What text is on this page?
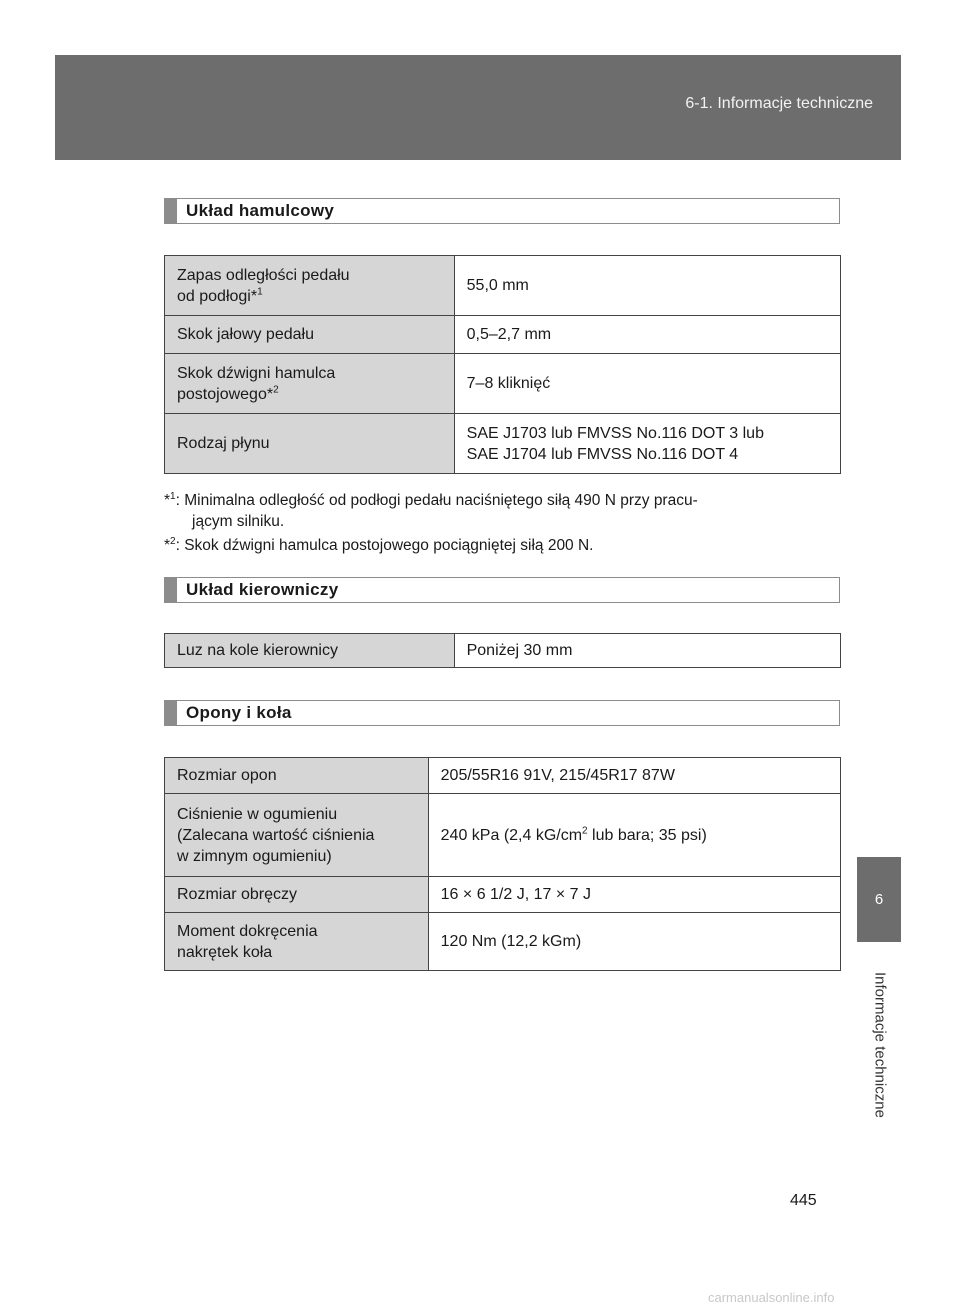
6-1. Informacje techniczne
6
Informacje techniczne
Układ hamulcowy
Zapas odległości pedału
od podłogi*$^1$	55,0 mm
Skok jałowy pedału	0,5–2,7 mm
Skok dźwigni hamulca
postojowego*$^2$	7–8 kliknięć
Rodzaj płynu	SAE J1703 lub FMVSS No.116 DOT 3 lub
SAE J1704 lub FMVSS No.116 DOT 4
*$^1$: Minimalna odległość od podłogi pedału naciśniętego siłą 490 N przy pracu-
jącym silniku.
*$^2$: Skok dźwigni hamulca postojowego pociągniętej siłą 200 N.
Układ kierowniczy
Luz na kole kierownicy	Poniżej 30 mm
Opony i koła
Rozmiar opon	205/55R16 91V, 215/45R17 87W
Ciśnienie w ogumieniu
(Zalecana wartość ciśnienia
w zimnym ogumieniu)	240 kPa (2,4 $kG/cm^2$ lub bara; 35 psi)
Rozmiar obręczy	16 × 6 1/2 J, 17 × 7 J
Moment dokręcenia
nakrętek koła	120 Nm (12,2 kGm)
445
carmanualsonline.info
